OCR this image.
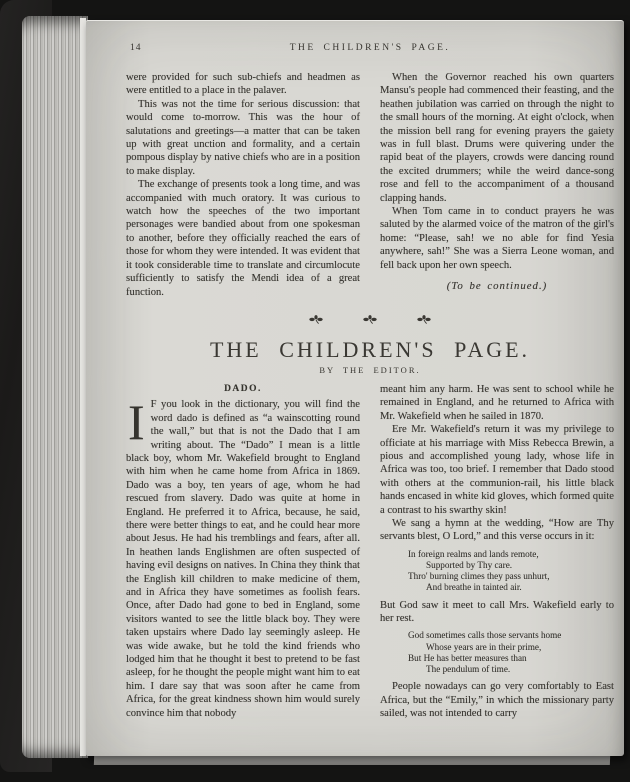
14	THE CHILDREN'S PAGE.

were provided for such sub-chiefs and headmen as were entitled to a place in the palaver.

This was not the time for serious discussion: that would come to-morrow. This was the hour of salutations and greetings—a matter that can be taken up with great unction and formality, and a certain pompous display by native chiefs who are in a position to make display.

The exchange of presents took a long time, and was accompanied with much oratory. It was curious to watch how the speeches of the two important personages were bandied about from one spokesman to another, before they officially reached the ears of those for whom they were intended. It was evident that it took considerable time to translate and circumlocute sufficiently to satisfy the Mendi idea of a great function.

When the Governor reached his own quarters Mansu's people had commenced their feasting, and the heathen jubilation was carried on through the night to the small hours of the morning. At eight o'clock, when the mission bell rang for evening prayers the gaiety was in full blast. Drums were quivering under the rapid beat of the players, crowds were dancing round the excited drummers; while the weird dance-song rose and fell to the accompaniment of a thousand clapping hands.

When Tom came in to conduct prayers he was saluted by the alarmed voice of the matron of the girl's home: “Please, sah! we no able for find Yesia anywhere, sah!” She was a Sierra Leone woman, and fell back upon her own speech.

(To be continued.)

THE CHILDREN'S PAGE.
BY THE EDITOR.
DADO.

I F you look in the dictionary, you will find the word dado is defined as “a wainscotting round the wall,” but that is not the Dado that I am writing about. The “Dado” I mean is a little black boy, whom Mr. Wakefield brought to England with him when he came home from Africa in 1869. Dado was a boy, ten years of age, whom he had rescued from slavery. Dado was quite at home in England. He preferred it to Africa, because, he said, there were better things to eat, and he could hear more about Jesus. He had his tremblings and fears, after all. In heathen lands Englishmen are often suspected of having evil designs on natives. In China they think that the English kill children to make medicine of them, and in Africa they have sometimes as foolish fears. Once, after Dado had gone to bed in England, some visitors wanted to see the little black boy. They were taken upstairs where Dado lay seemingly asleep. He was wide awake, but he told the kind friends who lodged him that he thought it best to pretend to be fast asleep, for he thought the people might want him to eat him. I dare say that was soon after he came from Africa, for the great kindness shown him would surely convince him that nobody

meant him any harm. He was sent to school while he remained in England, and he returned to Africa with Mr. Wakefield when he sailed in 1870.

Ere Mr. Wakefield's return it was my privilege to officiate at his marriage with Miss Rebecca Brewin, a pious and accomplished young lady, whose life in Africa was too, too brief. I remember that Dado stood with others at the communion-rail, his little black hands encased in white kid gloves, which formed quite a contrast to his swarthy skin!

We sang a hymn at the wedding, “How are Thy servants blest, O Lord,” and this verse occurs in it:

In foreign realms and lands remote,
Supported by Thy care.
Thro' burning climes they pass unhurt,
And breathe in tainted air.

But God saw it meet to call Mrs. Wakefield early to her rest.

God sometimes calls those servants home
Whose years are in their prime,
But He has better measures than
The pendulum of time.

People nowadays can go very comfortably to East Africa, but the “Emily,” in which the missionary party sailed, was not intended to carry
